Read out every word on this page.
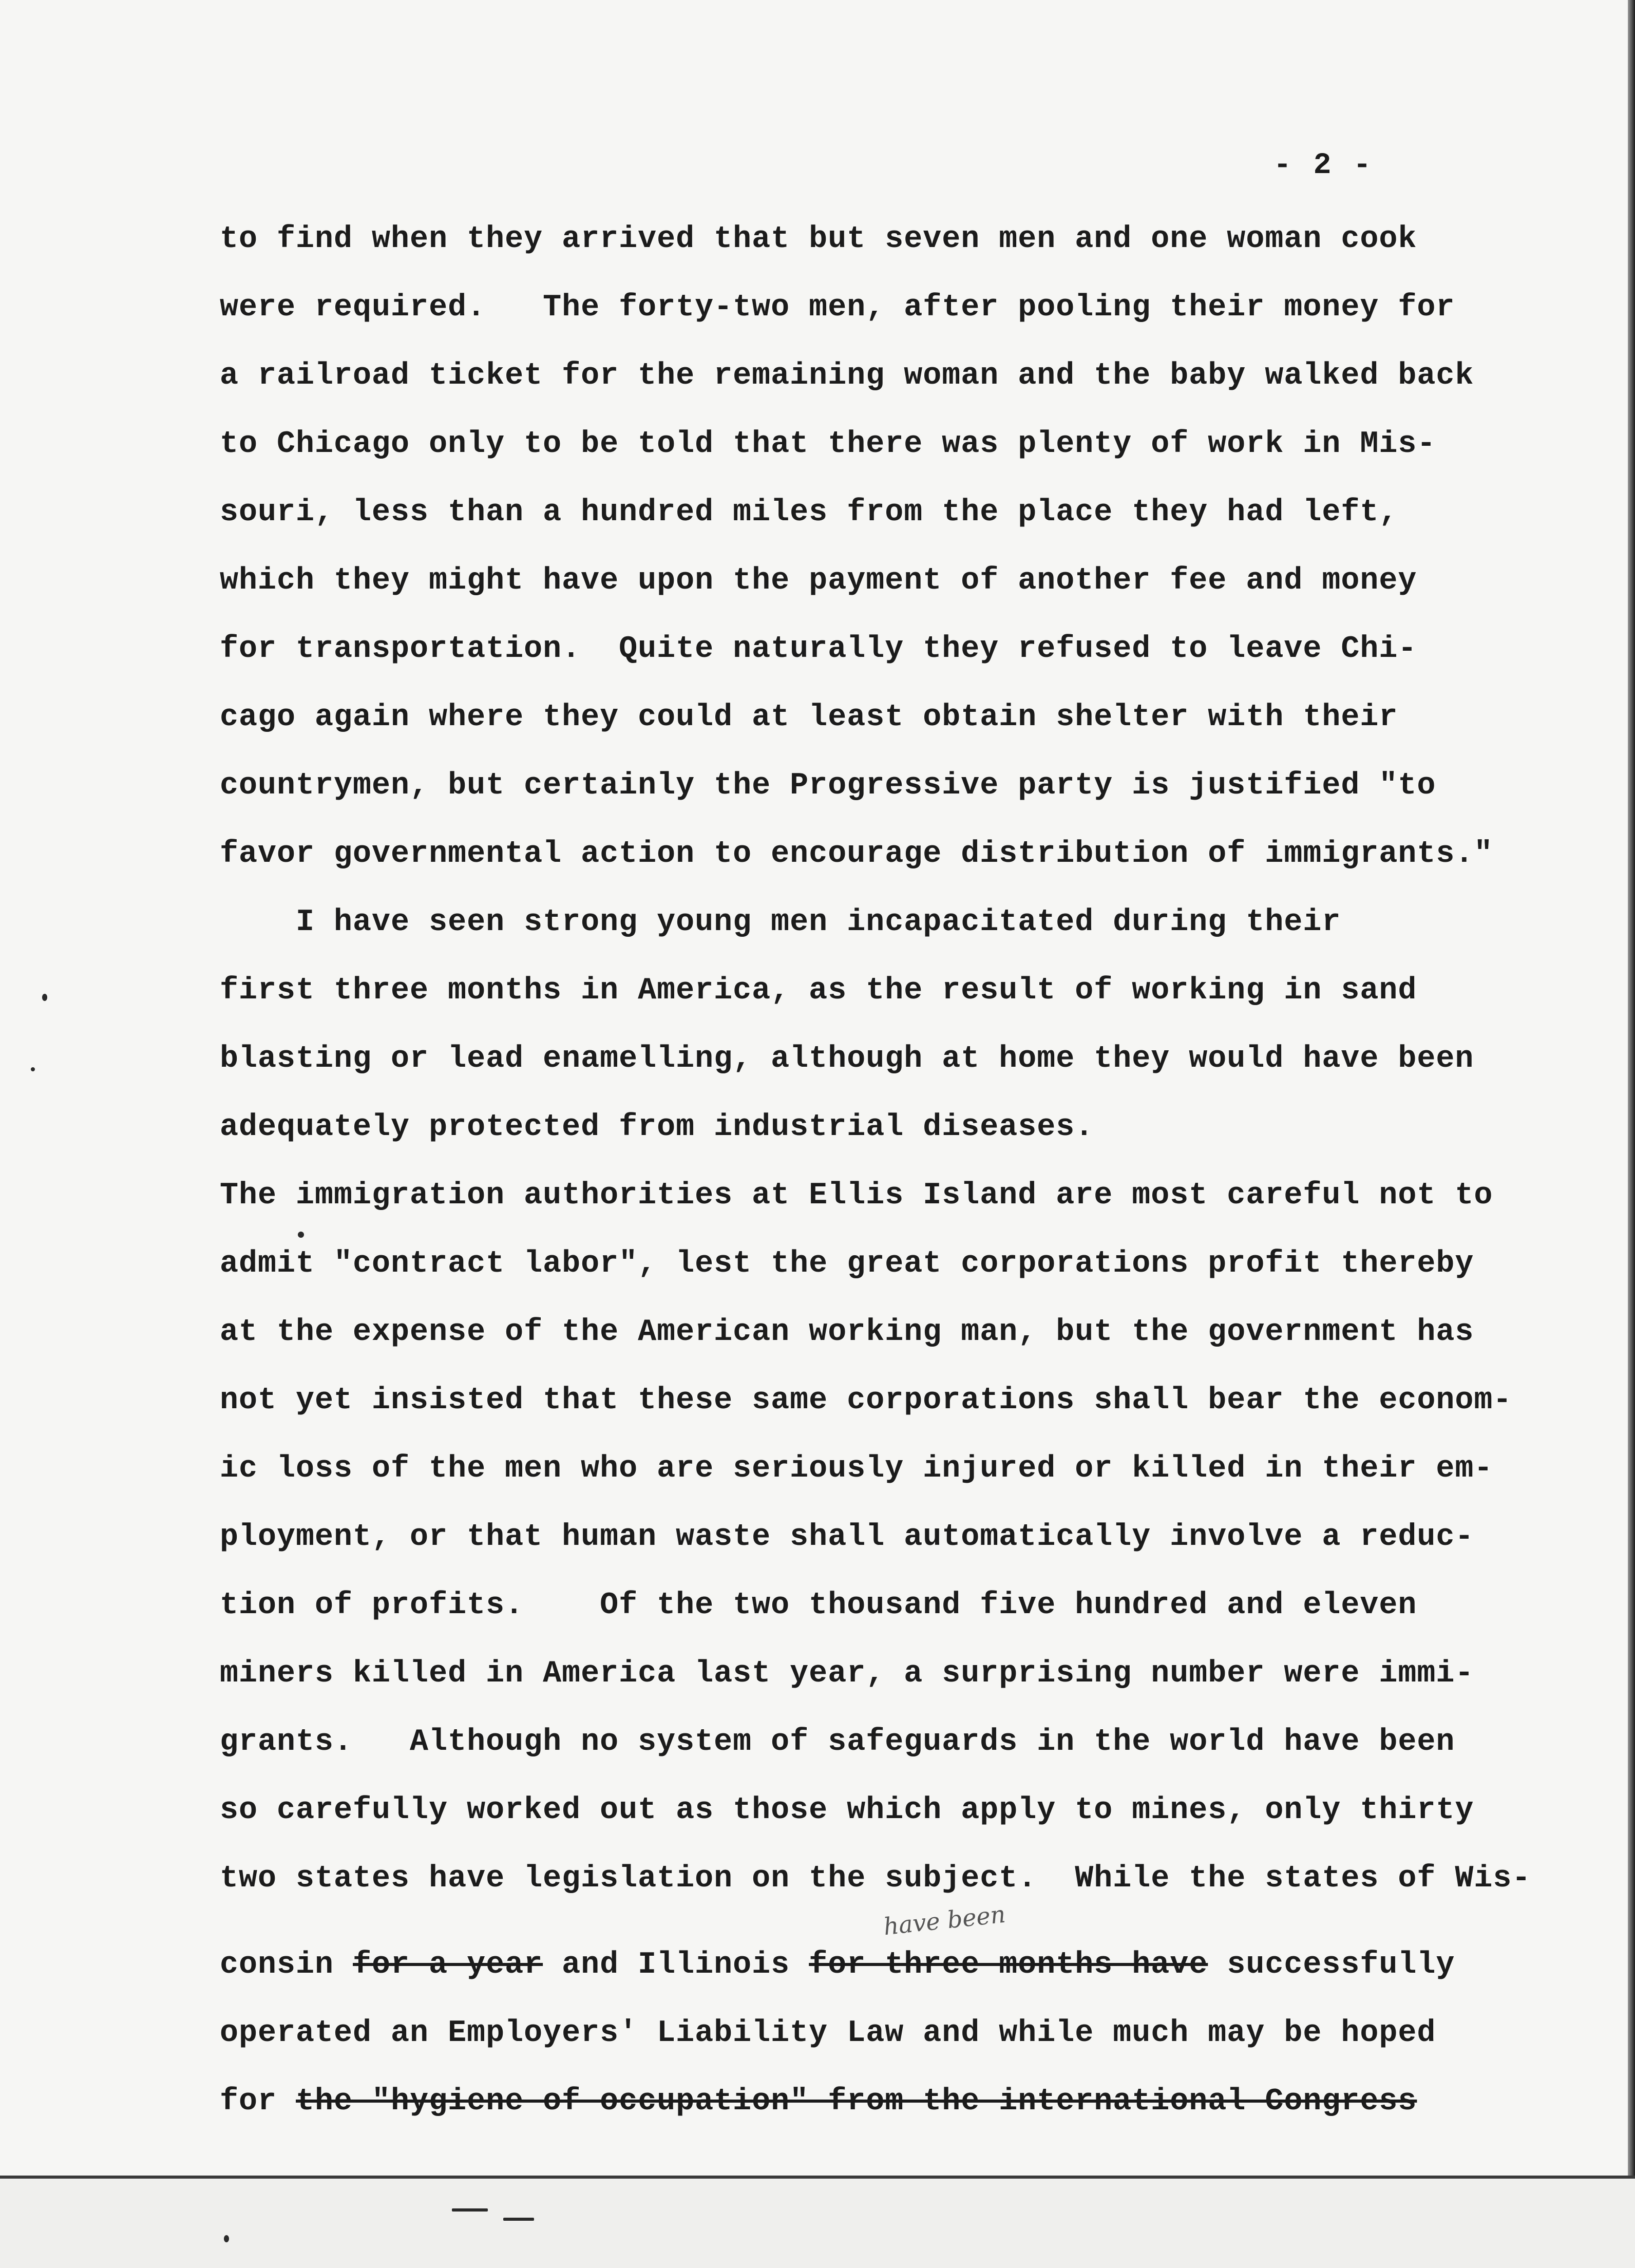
- 2 -
to find when they arrived that but seven men and one woman cook
were required.   The forty-two men, after pooling their money for
a railroad ticket for the remaining woman and the baby walked back
to Chicago only to be told that there was plenty of work in Mis-
souri, less than a hundred miles from the place they had left,
which they might have upon the payment of another fee and money
for transportation.  Quite naturally they refused to leave Chi-
cago again where they could at least obtain shelter with their
countrymen, but certainly the Progressive party is justified "to
favor governmental action to encourage distribution of immigrants."
I have seen strong young men incapacitated during their
first three months in America, as the result of working in sand
blasting or lead enamelling, although at home they would have been
adequately protected from industrial diseases.
The immigration authorities at Ellis Island are most careful not to
admit "contract labor", lest the great corporations profit thereby
at the expense of the American working man, but the government has
not yet insisted that these same corporations shall bear the econom-
ic loss of the men who are seriously injured or killed in their em-
ployment, or that human waste shall automatically involve a reduc-
tion of profits.    Of the two thousand five hundred and eleven
miners killed in America last year, a surprising number were immi-
grants.   Although no system of safeguards in the world have been
so carefully worked out as those which apply to mines, only thirty
two states have legislation on the subject.  While the states of Wis-
have been
consin for a year and Illinois for three months have successfully
operated an Employers' Liability Law and while much may be hoped
for the "hygiene of occupation" from the international Congress
